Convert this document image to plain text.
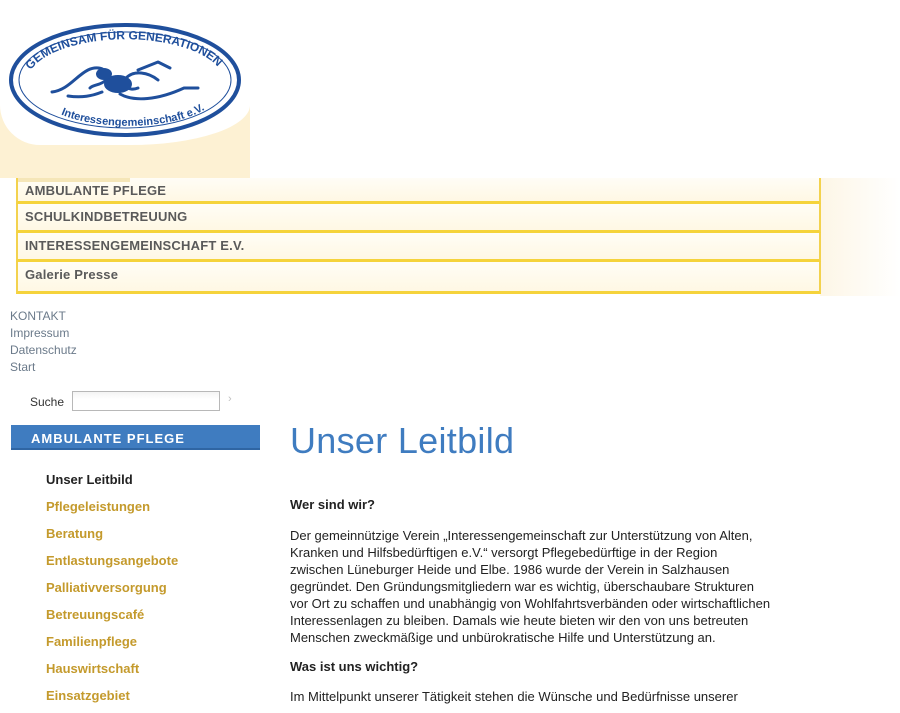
GEMEINSAM FÜR GENERATIONEN
Interessengemeinschaft e.V.
AMBULANTE PFLEGE
SCHULKINDBETREUUNG
INTERESSENGEMEINSCHAFT E.V.
Galerie Presse
KONTAKT
Impressum
Datenschutz
Start
Suche	›
AMBULANTE PFLEGE
Unser Leitbild
Pflegeleistungen
Beratung
Entlastungsangebote
Palliativversorgung
Betreuungscafé
Familienpflege
Hauswirtschaft
Einsatzgebiet
Unser Leitbild
Wer sind wir?

Der gemeinnützige Verein „Interessengemeinschaft zur Unterstützung von Alten,
Kranken und Hilfsbedürftigen e.V.“ versorgt Pflegebedürftige in der Region
zwischen Lüneburger Heide und Elbe. 1986 wurde der Verein in Salzhausen
gegründet. Den Gründungsmitgliedern war es wichtig, überschaubare Strukturen
vor Ort zu schaffen und unabhängig von Wohlfahrtsverbänden oder wirtschaftlichen
Interessenlagen zu bleiben. Damals wie heute bieten wir den von uns betreuten
Menschen zweckmäßige und unbürokratische Hilfe und Unterstützung an.

Was ist uns wichtig?

Im Mittelpunkt unserer Tätigkeit stehen die Wünsche und Bedürfnisse unserer
